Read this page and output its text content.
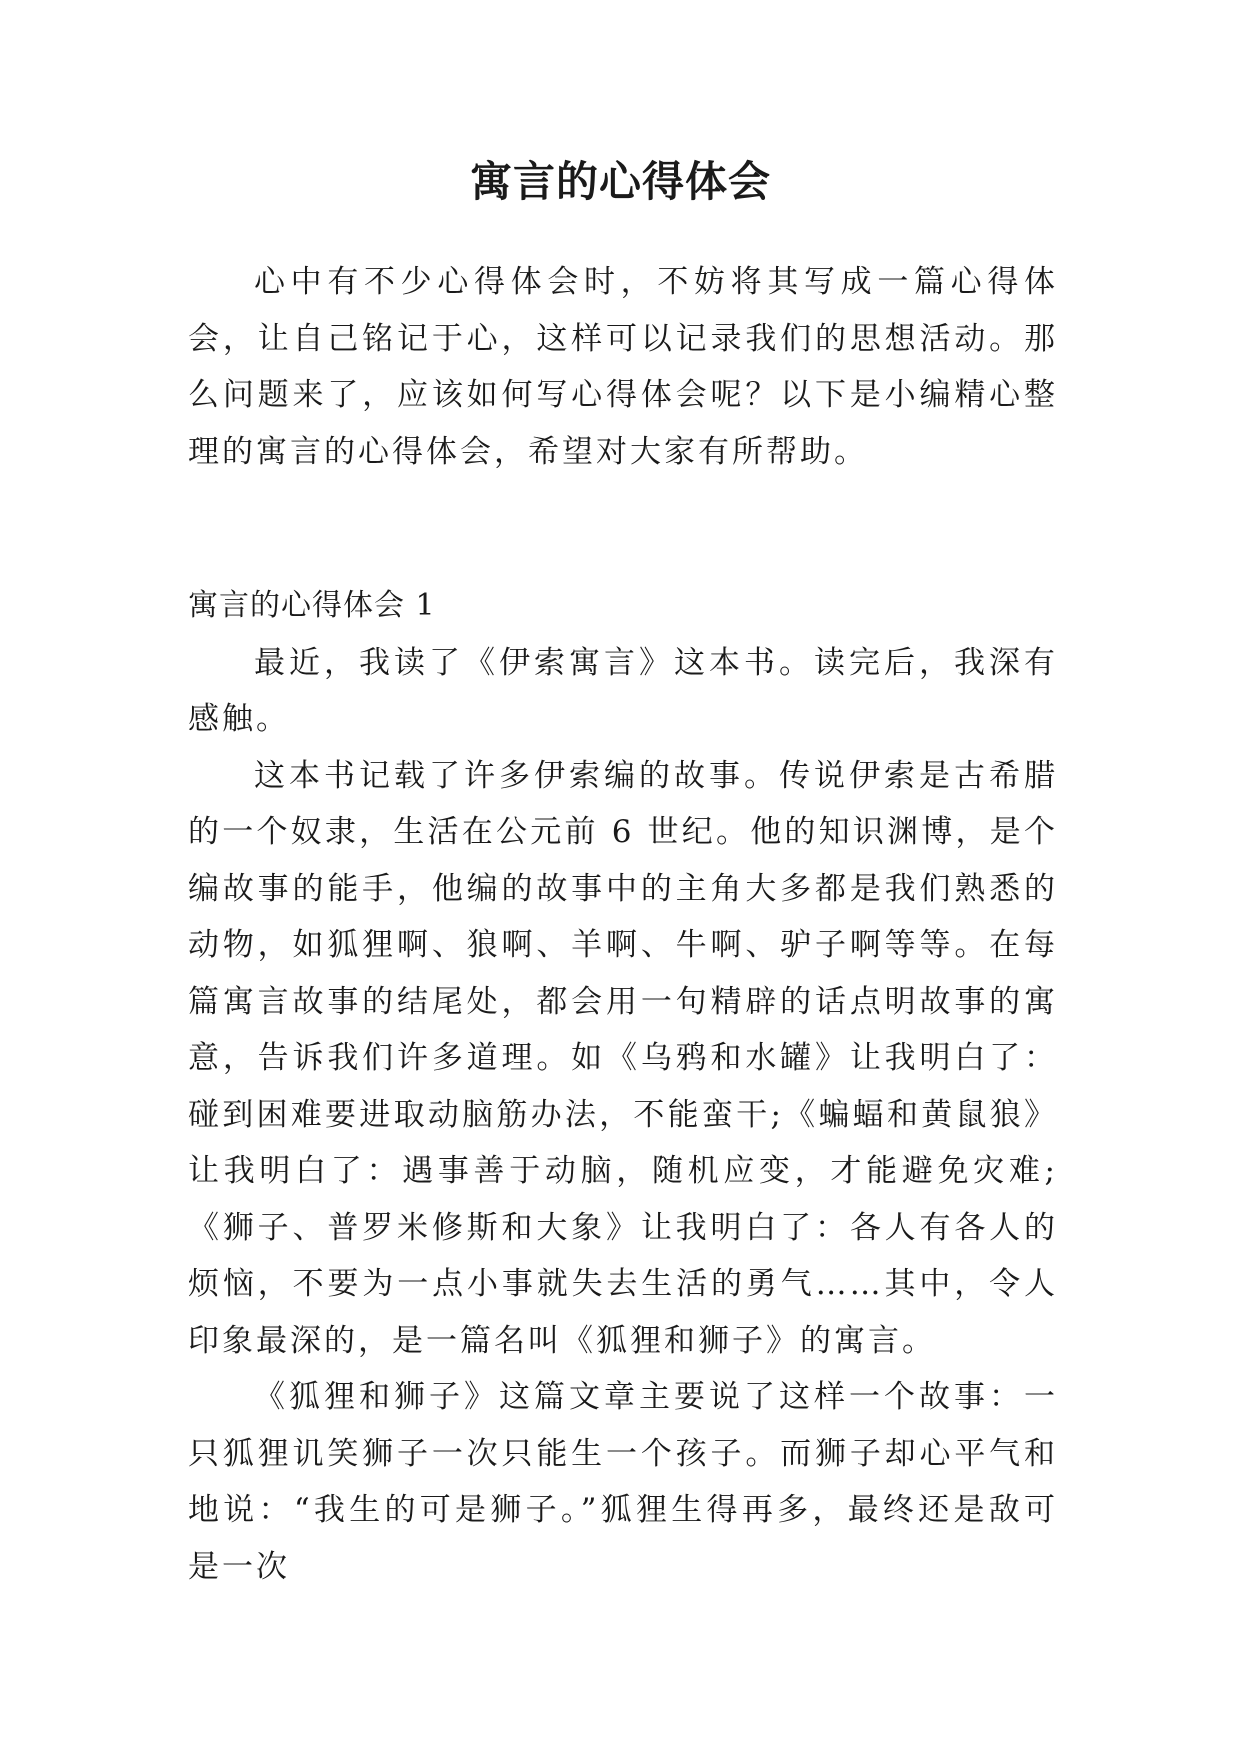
寓言的心得体会

心中有不少心得体会时，不妨将其写成一篇心得体会，让自己铭记于心，这样可以记录我们的思想活动。那么问题来了，应该如何写心得体会呢？以下是小编精心整理的寓言的心得体会，希望对大家有所帮助。

寓言的心得体会 1

最近，我读了《伊索寓言》这本书。读完后，我深有感触。

这本书记载了许多伊索编的故事。传说伊索是古希腊的一个奴隶，生活在公元前 6 世纪。他的知识渊博，是个编故事的能手，他编的故事中的主角大多都是我们熟悉的动物，如狐狸啊、狼啊、羊啊、牛啊、驴子啊等等。在每篇寓言故事的结尾处，都会用一句精辟的话点明故事的寓意，告诉我们许多道理。如《乌鸦和水罐》让我明白了：碰到困难要进取动脑筋办法，不能蛮干;《蝙蝠和黄鼠狼》让我明白了：遇事善于动脑，随机应变，才能避免灾难;《狮子、普罗米修斯和大象》让我明白了：各人有各人的烦恼，不要为一点小事就失去生活的勇气……其中，令人印象最深的，是一篇名叫《狐狸和狮子》的寓言。

《狐狸和狮子》这篇文章主要说了这样一个故事：一只狐狸讥笑狮子一次只能生一个孩子。而狮子却心平气和地说：“我生的可是狮子。”狐狸生得再多，最终还是敌可是一次
